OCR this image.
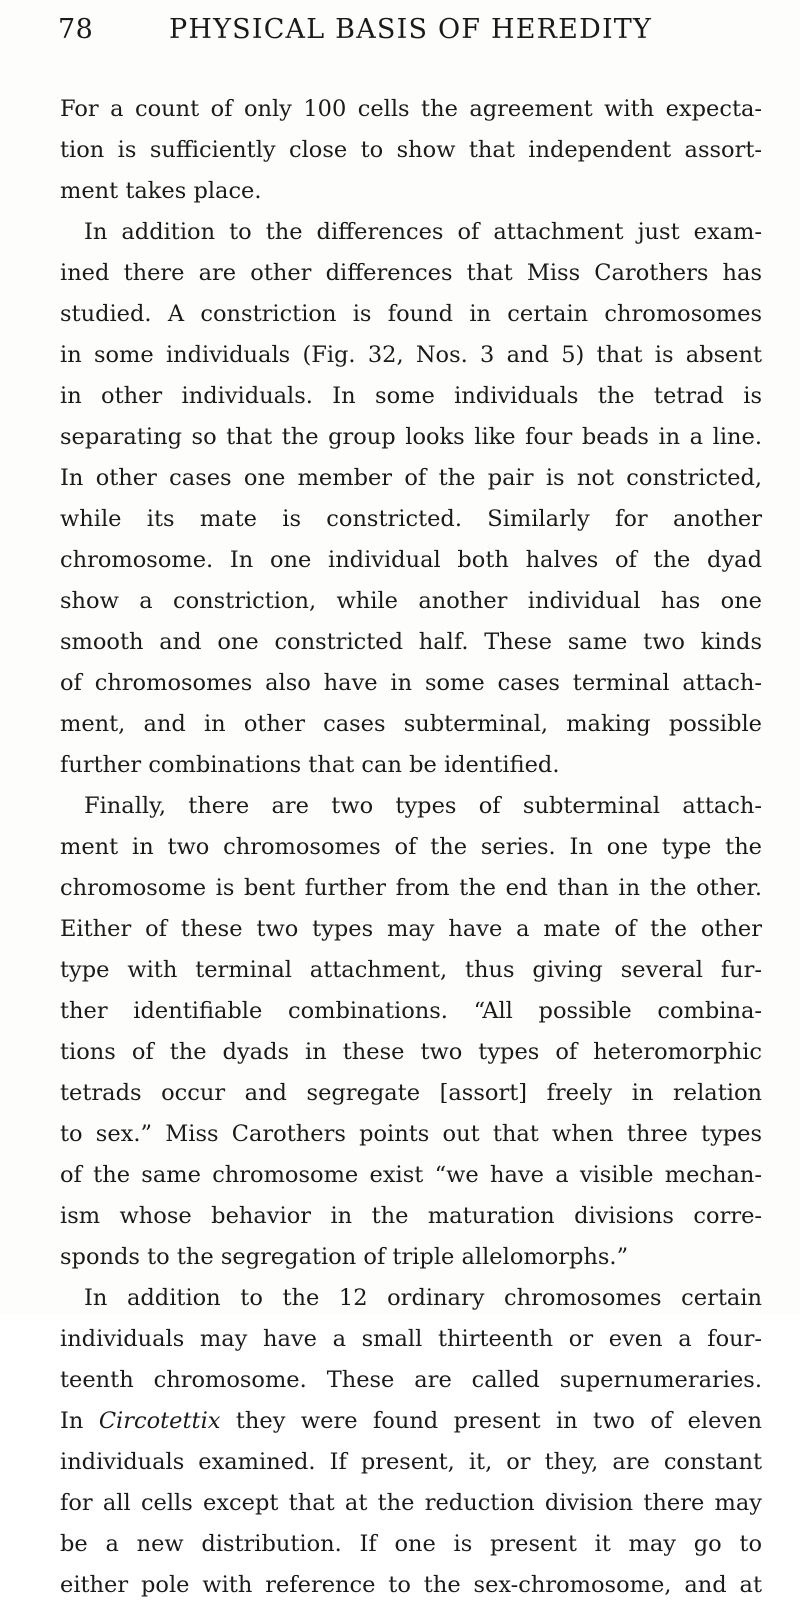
78	PHYSICAL BASIS OF HEREDITY
For a count of only 100 cells the agreement with expecta-
tion is sufficiently close to show that independent assort-
ment takes place.
In addition to the differences of attachment just exam-
ined there are other differences that Miss Carothers has
studied. A constriction is found in certain chromosomes
in some individuals (Fig. 32, Nos. 3 and 5) that is absent
in other individuals. In some individuals the tetrad is
separating so that the group looks like four beads in a line.
In other cases one member of the pair is not constricted,
while its mate is constricted. Similarly for another
chromosome. In one individual both halves of the dyad
show a constriction, while another individual has one
smooth and one constricted half. These same two kinds
of chromosomes also have in some cases terminal attach-
ment, and in other cases subterminal, making possible
further combinations that can be identified.
Finally, there are two types of subterminal attach-
ment in two chromosomes of the series. In one type the
chromosome is bent further from the end than in the other.
Either of these two types may have a mate of the other
type with terminal attachment, thus giving several fur-
ther identifiable combinations. “All possible combina-
tions of the dyads in these two types of heteromorphic
tetrads occur and segregate [assort] freely in relation
to sex.” Miss Carothers points out that when three types
of the same chromosome exist “we have a visible mechan-
ism whose behavior in the maturation divisions corre-
sponds to the segregation of triple allelomorphs.”
In addition to the 12 ordinary chromosomes certain
individuals may have a small thirteenth or even a four-
teenth chromosome. These are called supernumeraries.
In Circotettix they were found present in two of eleven
individuals examined. If present, it, or they, are constant
for all cells except that at the reduction division there may
be a new distribution. If one is present it may go to
either pole with reference to the sex-chromosome, and at
